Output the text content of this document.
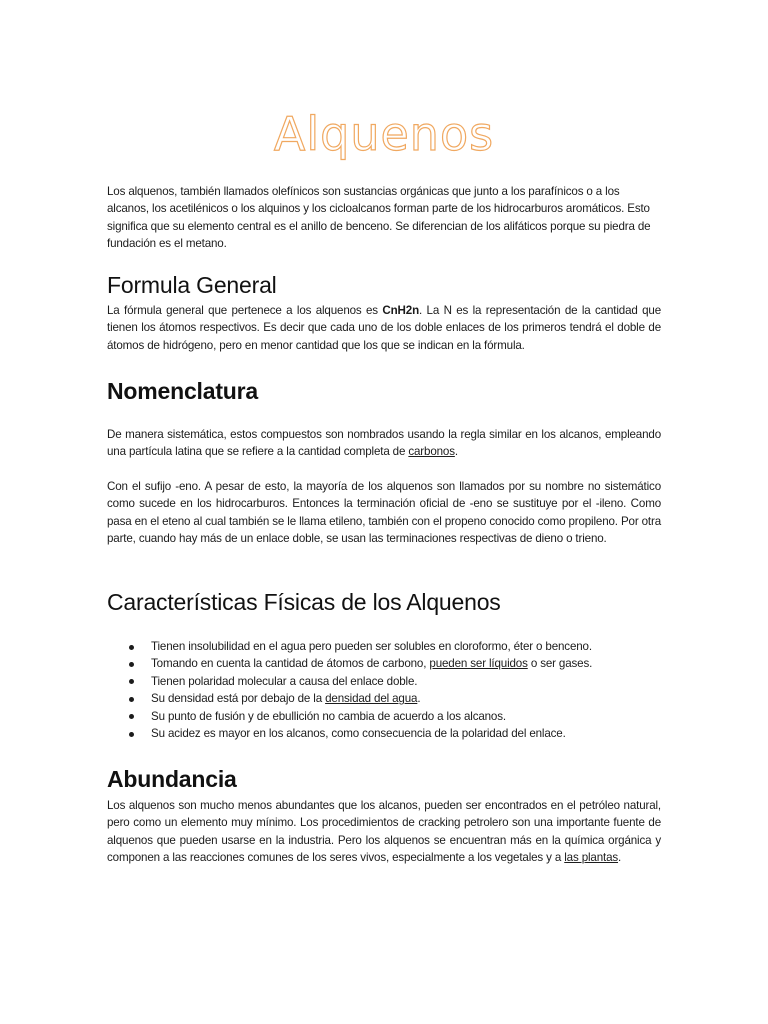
Alquenos

Los alquenos, también llamados olefínicos son sustancias orgánicas que junto a los parafínicos o a los alcanos, los acetilénicos o los alquinos y los cicloalcanos forman parte de los hidrocarburos aromáticos. Esto significa que su elemento central es el anillo de benceno. Se diferencian de los alifáticos porque su piedra de fundación es el metano.

Formula General

La fórmula general que pertenece a los alquenos es CnH2n. La N es la representación de la cantidad que tienen los átomos respectivos. Es decir que cada uno de los doble enlaces de los primeros tendrá el doble de átomos de hidrógeno, pero en menor cantidad que los que se indican en la fórmula.

Nomenclatura

De manera sistemática, estos compuestos son nombrados usando la regla similar en los alcanos, empleando una partícula latina que se refiere a la cantidad completa de carbonos.

Con el sufijo -eno. A pesar de esto, la mayoría de los alquenos son llamados por su nombre no sistemático como sucede en los hidrocarburos. Entonces la terminación oficial de -eno se sustituye por el -ileno. Como pasa en el eteno al cual también se le llama etileno, también con el propeno conocido como propileno. Por otra parte, cuando hay más de un enlace doble, se usan las terminaciones respectivas de dieno o trieno.

Características Físicas de los Alquenos
Tienen insolubilidad en el agua pero pueden ser solubles en cloroformo, éter o benceno.
Tomando en cuenta la cantidad de átomos de carbono, pueden ser líquidos o ser gases.
Tienen polaridad molecular a causa del enlace doble.
Su densidad está por debajo de la densidad del agua.
Su punto de fusión y de ebullición no cambia de acuerdo a los alcanos.
Su acidez es mayor en los alcanos, como consecuencia de la polaridad del enlace.
Abundancia

Los alquenos son mucho menos abundantes que los alcanos, pueden ser encontrados en el petróleo natural, pero como un elemento muy mínimo. Los procedimientos de cracking petrolero son una importante fuente de alquenos que pueden usarse en la industria. Pero los alquenos se encuentran más en la química orgánica y componen a las reacciones comunes de los seres vivos, especialmente a los vegetales y a las plantas.
